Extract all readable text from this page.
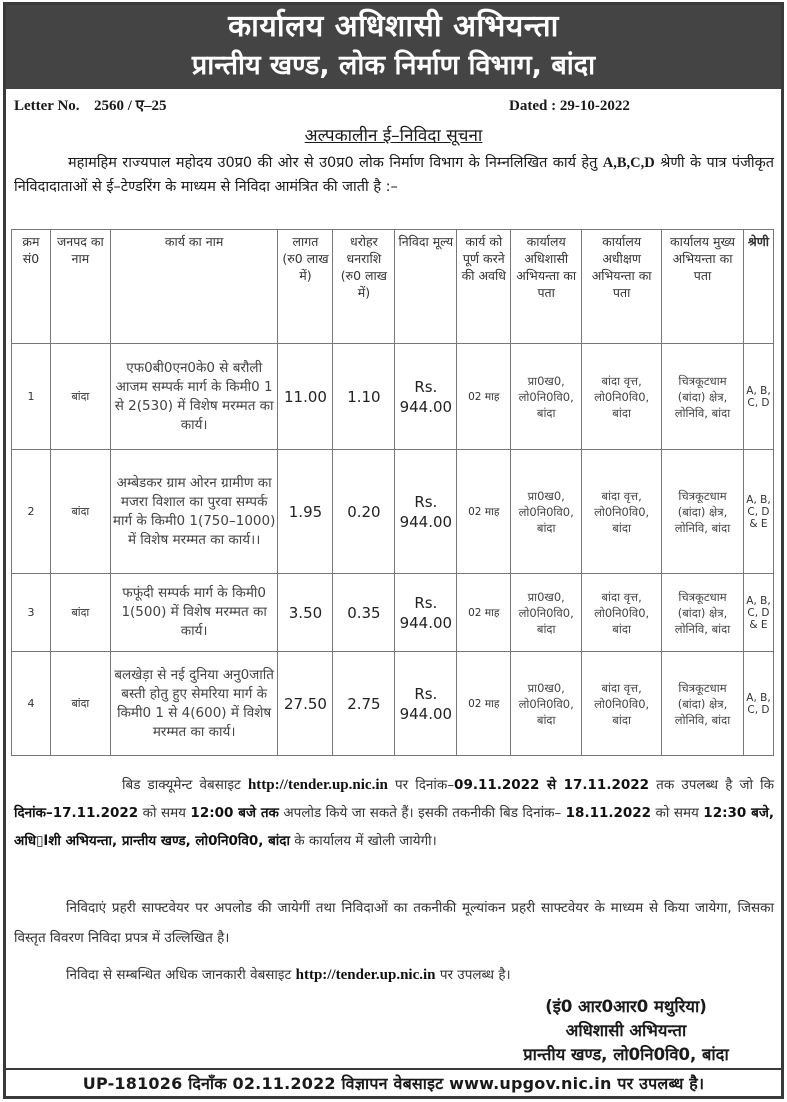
कार्यालय अधिशासी अभियन्ता
प्रान्तीय खण्ड, लोक निर्माण विभाग, बांदा
Letter No. 2560 / ए–25	Dated : 29-10-2022
अल्पकालीन ई–निविदा सूचना
महामहिम राज्यपाल महोदय उ0प्र0 की ओर से उ0प्र0 लोक निर्माण विभाग के निम्नलिखित कार्य हेतु A,B,C,D श्रेणी के पात्र पंजीकृत निविदादाताओं से ई–टेण्डरिंग के माध्यम से निविदा आमंत्रित की जाती है :–
क्रम सं0	जनपद का नाम	कार्य का नाम	लागत (रु0 लाख में)	धरोहर धनराशि (रु0 लाख में)	निविदा मूल्य	कार्य को पूर्ण करने की अवधि	कार्यालय अधिशासी अभियन्ता का पता	कार्यालय अधीक्षण अभियन्ता का पता	कार्यालय मुख्य अभियन्ता का पता	श्रेणी
1	बांदा	एफ0बी0एन0के0 से बरौली आजम सम्पर्क मार्ग के किमी0 1 से 2(530) में विशेष मरम्मत का कार्य।	11.00	1.10	Rs. 944.00	02 माह	प्रा0ख0, लो0नि0वि0, बांदा	बांदा वृत्त, लो0नि0वि0, बांदा	चित्रकूटधाम (बांदा) क्षेत्र, लोनिवि, बांदा	A, B, C, D
2	बांदा	अम्बेडकर ग्राम ओरन ग्रामीण का मजरा विशाल का पुरवा सम्पर्क मार्ग के किमी0 1(750–1000) में विशेष मरम्मत का कार्य।।	1.95	0.20	Rs. 944.00	02 माह	प्रा0ख0, लो0नि0वि0, बांदा	बांदा वृत्त, लो0नि0वि0, बांदा	चित्रकूटधाम (बांदा) क्षेत्र, लोनिवि, बांदा	A, B, C, D & E
3	बांदा	फफूंदी सम्पर्क मार्ग के किमी0 1(500) में विशेष मरम्मत का कार्य।	3.50	0.35	Rs. 944.00	02 माह	प्रा0ख0, लो0नि0वि0, बांदा	बांदा वृत्त, लो0नि0वि0, बांदा	चित्रकूटधाम (बांदा) क्षेत्र, लोनिवि, बांदा	A, B, C, D & E
4	बांदा	बलखेड़ा से नई दुनिया अनु0जाति बस्ती होतु हुए सेमरिया मार्ग के किमी0 1 से 4(600) में विशेष मरम्मत का कार्य।	27.50	2.75	Rs. 944.00	02 माह	प्रा0ख0, लो0नि0वि0, बांदा	बांदा वृत्त, लो0नि0वि0, बांदा	चित्रकूटधाम (बांदा) क्षेत्र, लोनिवि, बांदा	A, B, C, D
बिड डाक्यूमेन्ट वेबसाइट http://tender.up.nic.in पर दिनांक–09.11.2022 से 17.11.2022 तक उपलब्ध है जो कि दिनांक–17.11.2022 को समय 12:00 बजे तक अपलोड किये जा सकते हैं। इसकी तकनीकी बिड दिनांक– 18.11.2022 को समय 12:30 बजे, अधि▯اशी अभियन्ता, प्रान्तीय खण्ड, लो0नि0वि0, बांदा के कार्यालय में खोली जायेगी।
निविदाएं प्रहरी साफ्टवेयर पर अपलोड की जायेगीं तथा निविदाओं का तकनीकी मूल्यांकन प्रहरी साफ्टवेयर के माध्यम से किया जायेगा, जिसका विस्तृत विवरण निविदा प्रपत्र में उल्लिखित है।
निविदा से सम्बन्धित अधिक जानकारी वेबसाइट http://tender.up.nic.in पर उपलब्ध है।
(इं0 आर0आर0 मथुरिया)
अधिशासी अभियन्ता
प्रान्तीय खण्ड, लो0नि0वि0, बांदा
UP-181026 दिनाँक 02.11.2022 विज्ञापन वेबसाइट www.upgov.nic.in पर उपलब्ध है।
